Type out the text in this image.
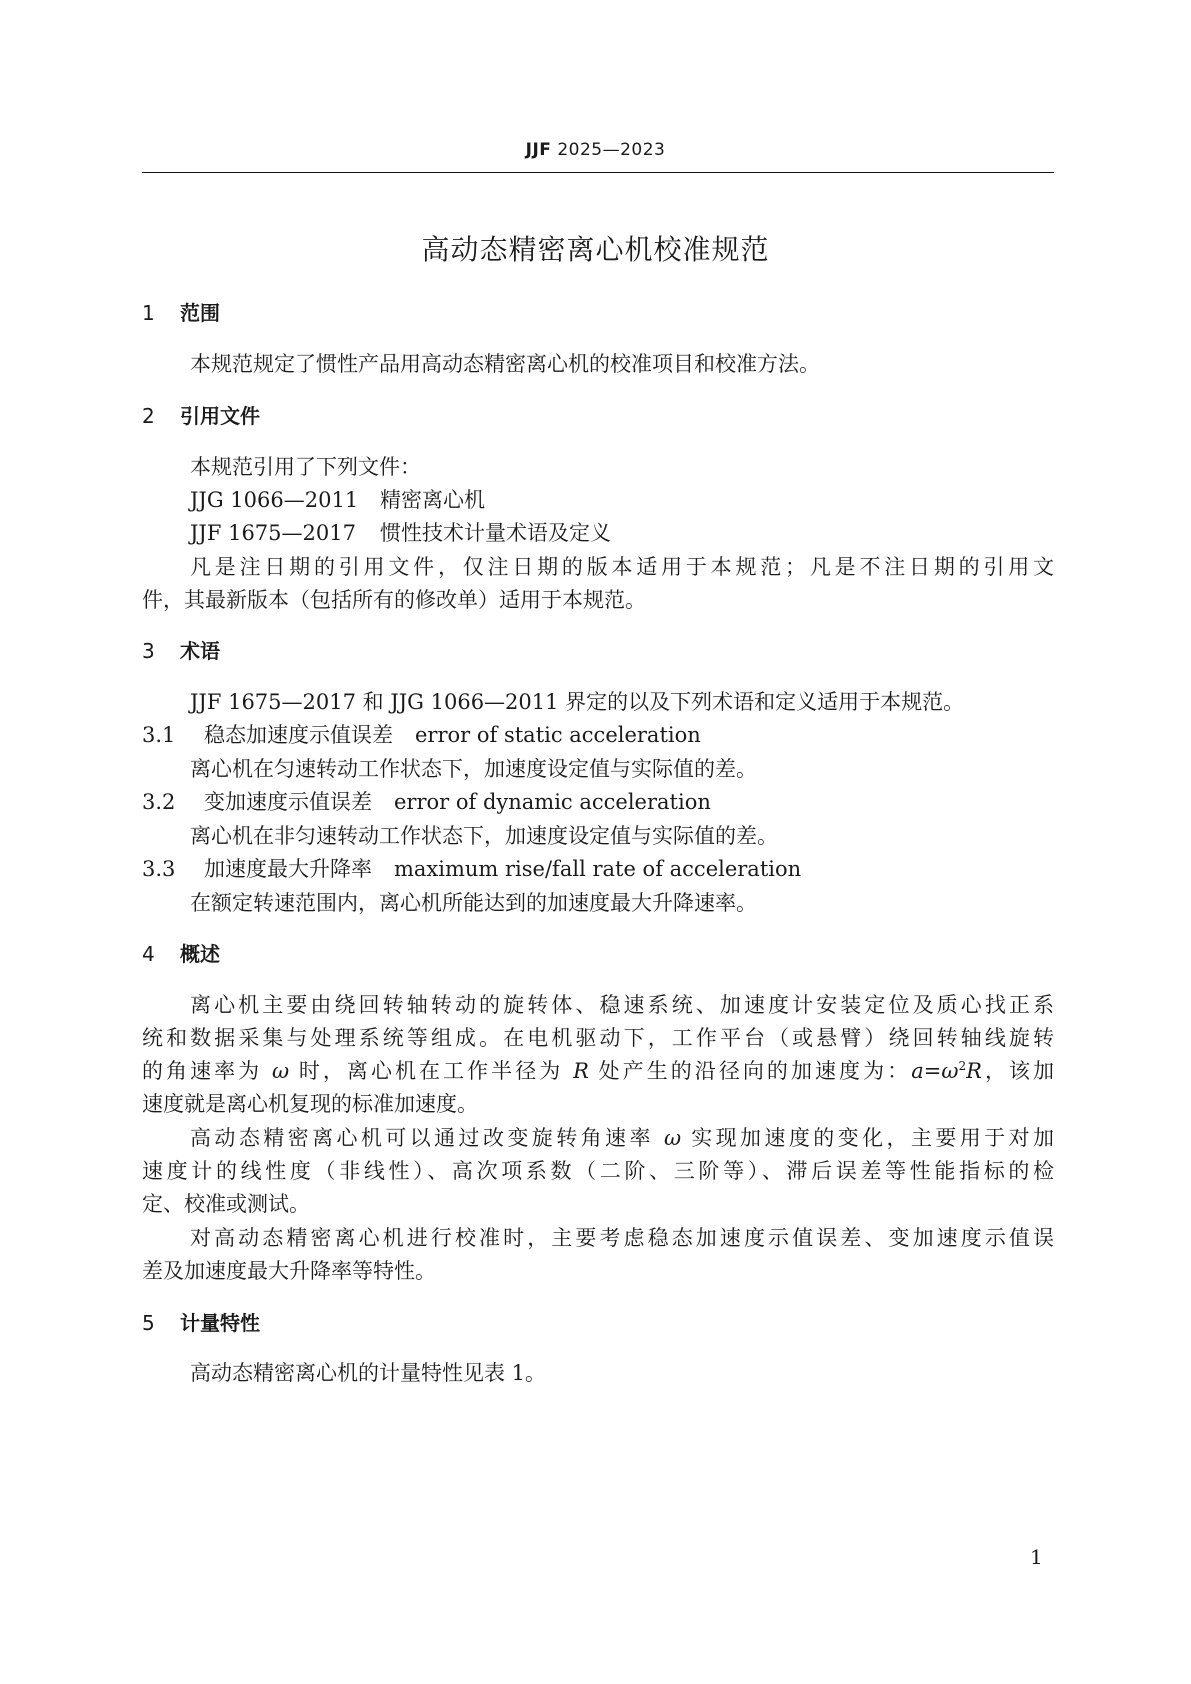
JJF 2025—2023
高动态精密离心机校准规范
1 范围
本规范规定了惯性产品用高动态精密离心机的校准项目和校准方法。
2 引用文件
本规范引用了下列文件：
JJG 1066—2011 精密离心机
JJF 1675—2017 惯性技术计量术语及定义
凡是注日期的引用文件，仅注日期的版本适用于本规范；凡是不注日期的引用文
件，其最新版本（包括所有的修改单）适用于本规范。
3 术语
JJF 1675—2017 和 JJG 1066—2011 界定的以及下列术语和定义适用于本规范。
3.1 稳态加速度示值误差 error of static acceleration
离心机在匀速转动工作状态下，加速度设定值与实际值的差。
3.2 变加速度示值误差 error of dynamic acceleration
离心机在非匀速转动工作状态下，加速度设定值与实际值的差。
3.3 加速度最大升降率 maximum rise/fall rate of acceleration
在额定转速范围内，离心机所能达到的加速度最大升降速率。
4 概述
离心机主要由绕回转轴转动的旋转体、稳速系统、加速度计安装定位及质心找正系
统和数据采集与处理系统等组成。在电机驱动下，工作平台（或悬臂）绕回转轴线旋转
的角速率为 ω 时，离心机在工作半径为 R 处产生的沿径向的加速度为：$a=\omega^2R$，该加
速度就是离心机复现的标准加速度。
高动态精密离心机可以通过改变旋转角速率 ω 实现加速度的变化，主要用于对加
速度计的线性度（非线性）、高次项系数（二阶、三阶等）、滞后误差等性能指标的检
定、校准或测试。
对高动态精密离心机进行校准时，主要考虑稳态加速度示值误差、变加速度示值误
差及加速度最大升降率等特性。
5 计量特性
高动态精密离心机的计量特性见表 1。
1
